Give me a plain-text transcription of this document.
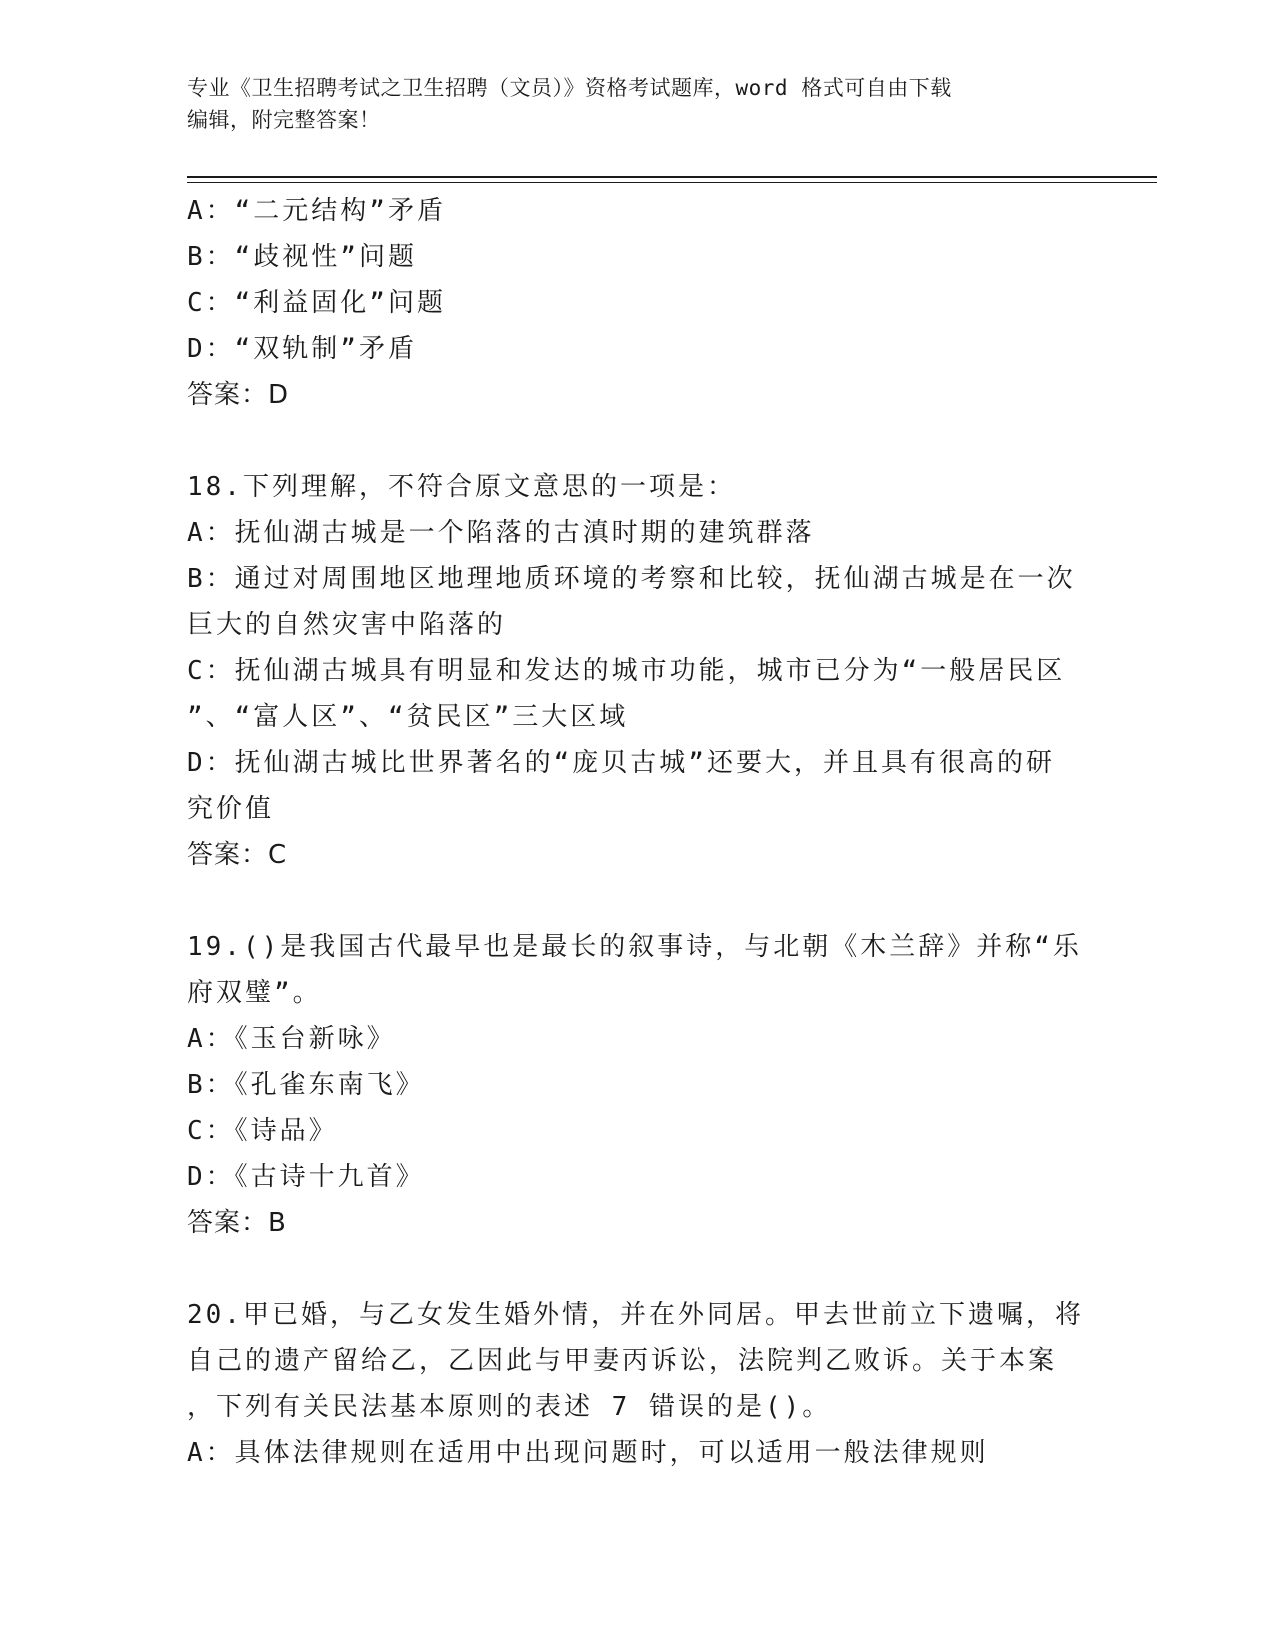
专业《卫生招聘考试之卫生招聘（文员）》资格考试题库，word 格式可自由下载
编辑，附完整答案！
A：“二元结构”矛盾
B：“歧视性”问题
C：“利益固化”问题
D：“双轨制”矛盾
答案：D
18.下列理解，不符合原文意思的一项是：
A：抚仙湖古城是一个陷落的古滇时期的建筑群落
B：通过对周围地区地理地质环境的考察和比较，抚仙湖古城是在一次
巨大的自然灾害中陷落的
C：抚仙湖古城具有明显和发达的城市功能，城市已分为“一般居民区
”、“富人区”、“贫民区”三大区域
D：抚仙湖古城比世界著名的“庞贝古城”还要大，并且具有很高的研
究价值
答案：C
19.()是我国古代最早也是最长的叙事诗，与北朝《木兰辞》并称“乐
府双璧”。
A：《玉台新咏》
B：《孔雀东南飞》
C：《诗品》
D：《古诗十九首》
答案：B
20.甲已婚，与乙女发生婚外情，并在外同居。甲去世前立下遗嘱，将
自己的遗产留给乙，乙因此与甲妻丙诉讼，法院判乙败诉。关于本案
，下列有关民法基本原则的表述 7 错误的是()。
A：具体法律规则在适用中出现问题时，可以适用一般法律规则
